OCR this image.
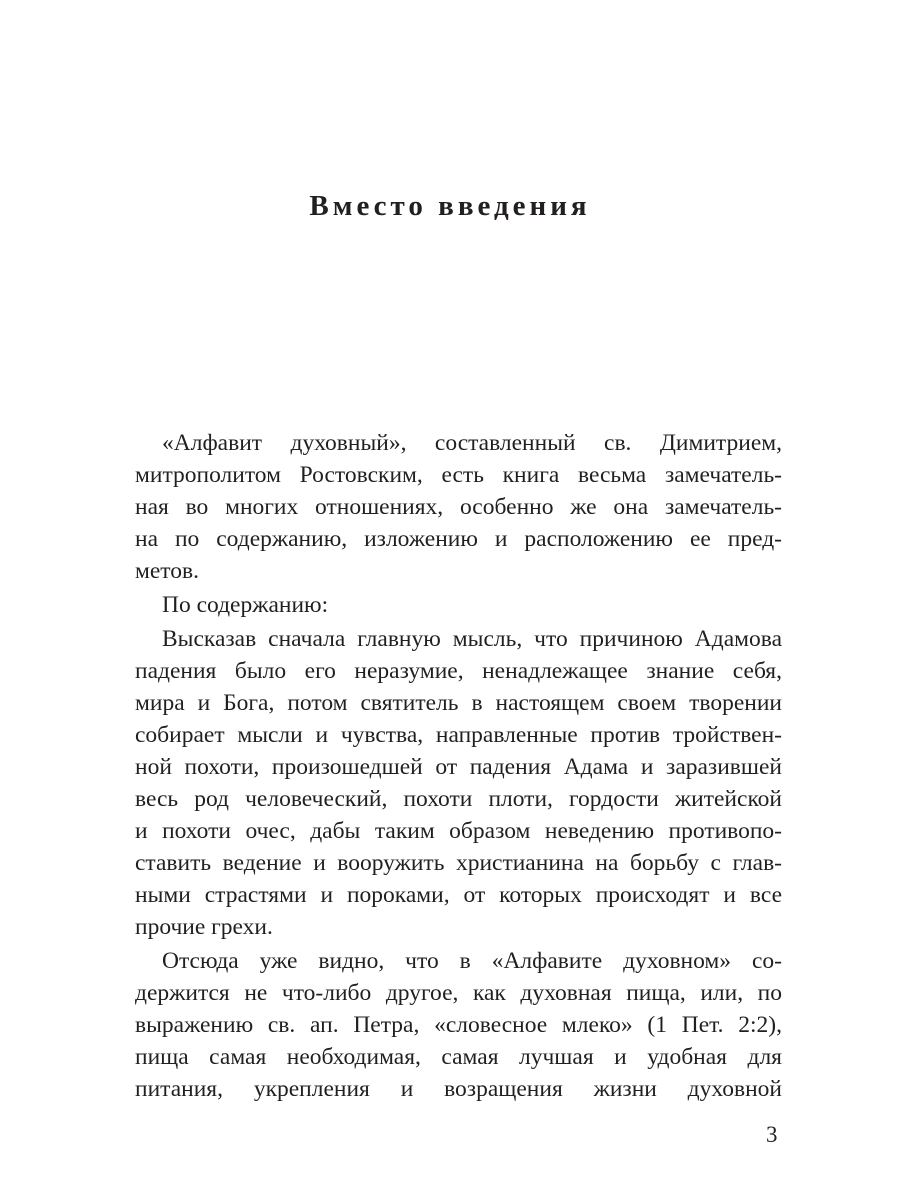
Вместо введения
«Алфавит духовный», составленный св. Димитрием,
митрополитом Ростовским, есть книга весьма замечатель-
ная во многих отношениях, особенно же она замечатель-
на по содержанию, изложению и расположению ее пред-
метов.
По содержанию:
Высказав сначала главную мысль, что причиною Адамова
падения было его неразумие, ненадлежащее знание себя,
мира и Бога, потом святитель в настоящем своем творении
собирает мысли и чувства, направленные против тройствен-
ной похоти, произошедшей от падения Адама и заразившей
весь род человеческий, похоти плоти, гордости житейской
и похоти очес, дабы таким образом неведению противопо-
ставить ведение и вооружить христианина на борьбу с глав-
ными страстями и пороками, от которых происходят и все
прочие грехи.
Отсюда уже видно, что в «Алфавите духовном» со-
держится не что-либо другое, как духовная пища, или, по
выражению св. ап. Петра, «словесное млеко» (1 Пет. 2:2),
пища самая необходимая, самая лучшая и удобная для
питания, укрепления и возращения жизни духовной
3
